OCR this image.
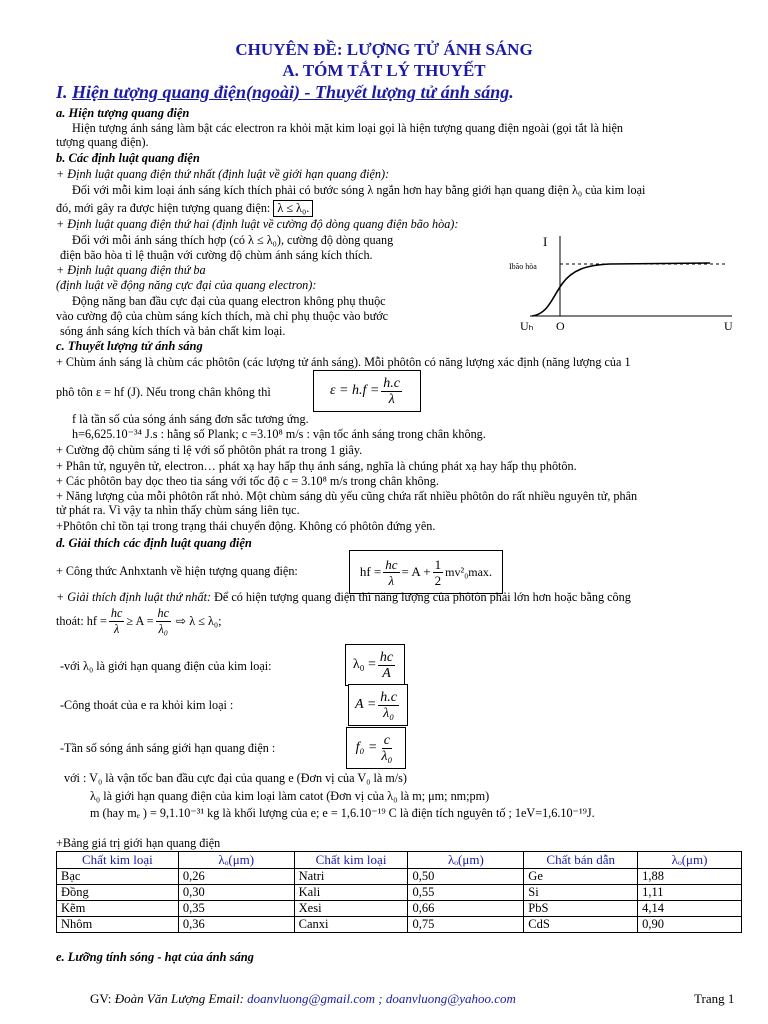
CHUYÊN ĐỀ: LƯỢNG TỬ ÁNH SÁNG
A. TÓM TẮT LÝ THUYẾT
I. Hiện tượng quang điện(ngoài) - Thuyết lượng tử ánh sáng.
a. Hiện tượng quang điện
Hiện tượng ánh sáng làm bật các electron ra khỏi mặt kim loại gọi là hiện tượng quang điện ngoài (gọi tắt là hiện
tượng quang điện).
b. Các định luật quang điện
+ Định luật quang điện thứ nhất (định luật về giới hạn quang điện):
Đối với mỗi kim loại ánh sáng kích thích phải có bước sóng λ ngắn hơn hay bằng giới hạn quang điện λ₀ của kim loại
đó, mới gây ra được hiện tượng quang điện: λ ≤ λ₀.
+ Định luật quang điện thứ hai (định luật về cường độ dòng quang điện bão hòa):
Đối với mỗi ánh sáng thích hợp (có λ ≤ λ₀), cường độ dòng quang
điện bão hòa tỉ lệ thuận với cường độ chùm ánh sáng kích thích.
+ Định luật quang điện thứ ba
(định luật về động năng cực đại của quang electron):
Động năng ban đầu cực đại của quang electron không phụ thuộc
vào cường độ của chùm sáng kích thích, mà chỉ phụ thuộc vào bước
sóng ánh sáng kích thích và bản chất kim loại.
I
Ibão hòa
Uₕ O	U
c. Thuyết lượng tử ánh sáng
+ Chùm ánh sáng là chùm các phôtôn (các lượng tử ánh sáng). Mỗi phôtôn có năng lượng xác định (năng lượng của 1
phô tôn ε = hf (J). Nếu trong chân không thì	$\varepsilon = h.f = \frac{h.c}{\lambda}$
f là tần số của sóng ánh sáng đơn sắc tương ứng.
h=6,625.10⁻³⁴ J.s : hằng số Plank; c =3.10⁸ m/s : vận tốc ánh sáng trong chân không.
+ Cường độ chùm sáng tỉ lệ với số phôtôn phát ra trong 1 giây.
+ Phân tử, nguyên tử, electron… phát xạ hay hấp thụ ánh sáng, nghĩa là chúng phát xạ hay hấp thụ phôtôn.
+ Các phôtôn bay dọc theo tia sáng với tốc độ c = 3.10⁸ m/s trong chân không.
+ Năng lượng của mỗi phôtôn rất nhỏ. Một chùm sáng dù yếu cũng chứa rất nhiều phôtôn do rất nhiều nguyên tử, phân
tử phát ra. Vì vậy ta nhìn thấy chùm sáng liên tục.
+Phôtôn chỉ tồn tại trong trạng thái chuyển động. Không có phôtôn đứng yên.
d. Giải thích các định luật quang điện
+ Công thức Anhxtanh về hiện tượng quang điện:	hf = $\frac{hc}{\lambda} = A + \frac{1}{2} mv^2_0\max$ .
+ Giải thích định luật thứ nhất: Để có hiện tượng quang điện thì năng lượng của phôtôn phải lớn hơn hoặc bằng công
thoát: hf = $\frac{hc}{\lambda} \ge A = \frac{hc}{\text{λ₀}}$ ⇨ λ ≤ λ₀;
-với λ₀ là giới hạn quang điện của kim loại:	$\lambda_0 = \frac{hc}{A}$
-Công thoát của e ra khỏi kim loại :	$A = \frac{h.c}{\text{λ₀}}$
-Tần số sóng ánh sáng giới hạn quang điện :	$f_0 = \frac{c}{\text{λ₀}}$
với : V₀ là vận tốc ban đầu cực đại của quang e (Đơn vị của V₀ là m/s)
λ₀ là giới hạn quang điện của kim loại làm catot (Đơn vị của λ₀ là m; μm; nm;pm)
m (hay mₑ ) = 9,1.10⁻³¹ kg là khối lượng của e; e = 1,6.10⁻¹⁹ C là điện tích nguyên tố ; 1eV=1,6.10⁻¹⁹J.
+Bảng giá trị giới hạn quang điện
Chất kim loại	λₒ(μm)	Chất kim loại	λₒ(μm)	Chất bán dẫn	λₒ(μm)
Bạc	0,26	Natri	0,50	Ge	1,88
Đồng	0,30	Kali	0,55	Si	1,11
Kẽm	0,35	Xesi	0,66	PbS	4,14
Nhôm	0,36	Canxi	0,75	CdS	0,90
e. Lưỡng tính sóng - hạt của ánh sáng
GV: Đoàn Văn Lượng Email: doanvluong@gmail.com ; doanvluong@yahoo.com	Trang 1
